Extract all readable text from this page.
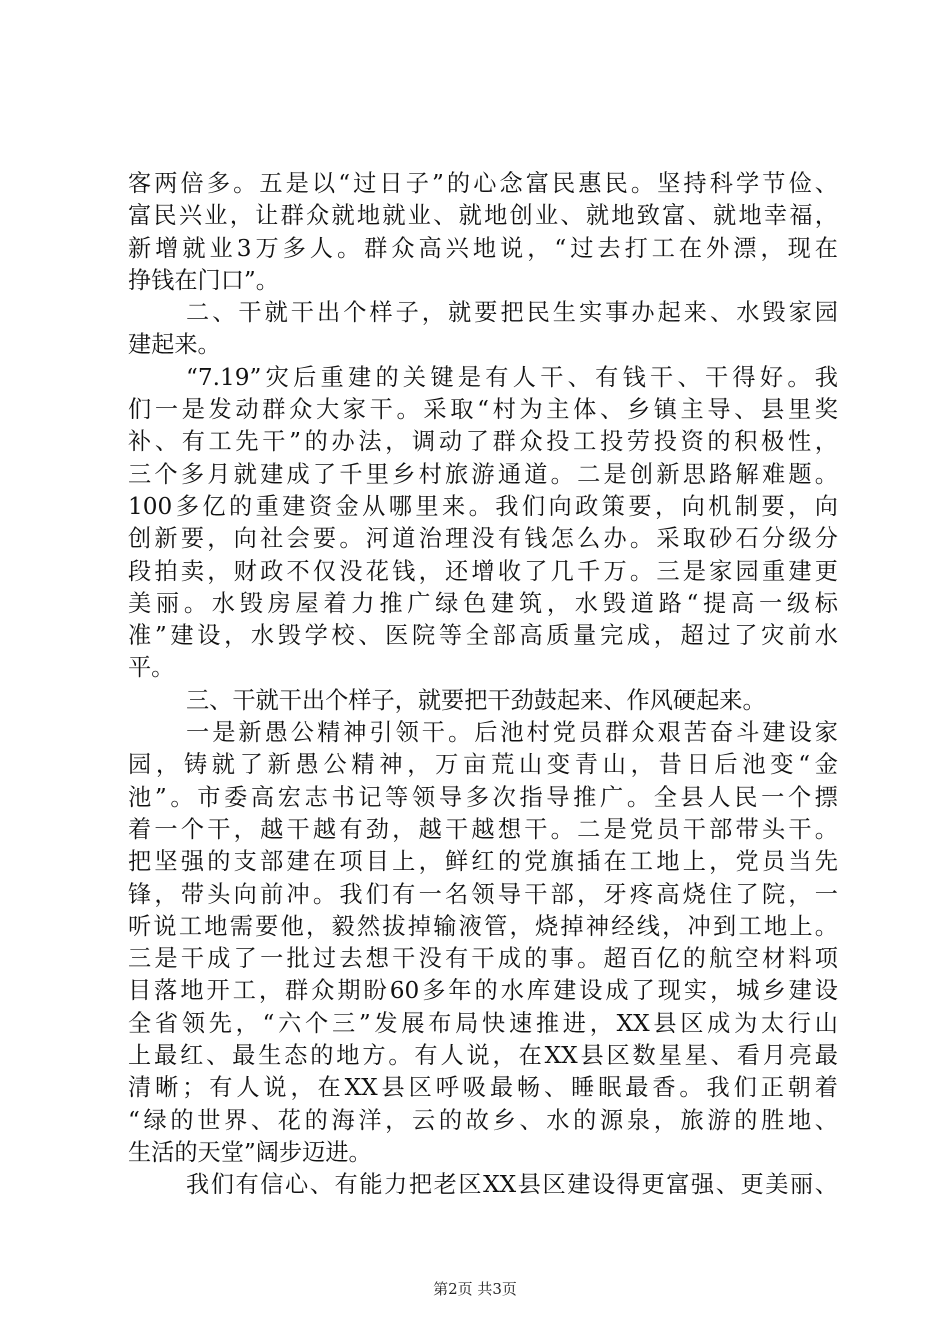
客两倍多。五是以“过日子”的心念富民惠民。坚持科学节俭、
富民兴业，让群众就地就业、就地创业、就地致富、就地幸福，
新增就业3万多人。群众高兴地说，“过去打工在外漂，现在
挣钱在门口”。
二、干就干出个样子，就要把民生实事办起来、水毁家园
建起来。
“7.19”灾后重建的关键是有人干、有钱干、干得好。我
们一是发动群众大家干。采取“村为主体、乡镇主导、县里奖
补、有工先干”的办法，调动了群众投工投劳投资的积极性，
三个多月就建成了千里乡村旅游通道。二是创新思路解难题。
100多亿的重建资金从哪里来。我们向政策要，向机制要，向
创新要，向社会要。河道治理没有钱怎么办。采取砂石分级分
段拍卖，财政不仅没花钱，还增收了几千万。三是家园重建更
美丽。水毁房屋着力推广绿色建筑，水毁道路“提高一级标
准”建设，水毁学校、医院等全部高质量完成，超过了灾前水
平。
三、干就干出个样子，就要把干劲鼓起来、作风硬起来。
一是新愚公精神引领干。后池村党员群众艰苦奋斗建设家
园，铸就了新愚公精神，万亩荒山变青山，昔日后池变“金
池”。市委高宏志书记等领导多次指导推广。全县人民一个摽
着一个干，越干越有劲，越干越想干。二是党员干部带头干。
把坚强的支部建在项目上，鲜红的党旗插在工地上，党员当先
锋，带头向前冲。我们有一名领导干部，牙疼高烧住了院，一
听说工地需要他，毅然拔掉输液管，烧掉神经线，冲到工地上。
三是干成了一批过去想干没有干成的事。超百亿的航空材料项
目落地开工，群众期盼60多年的水库建设成了现实，城乡建设
全省领先，“六个三”发展布局快速推进，XX县区成为太行山
上最红、最生态的地方。有人说，在XX县区数星星、看月亮最
清晰；有人说，在XX县区呼吸最畅、睡眠最香。我们正朝着
“绿的世界、花的海洋，云的故乡、水的源泉，旅游的胜地、
生活的天堂”阔步迈进。
我们有信心、有能力把老区XX县区建设得更富强、更美丽、
第2页 共3页
